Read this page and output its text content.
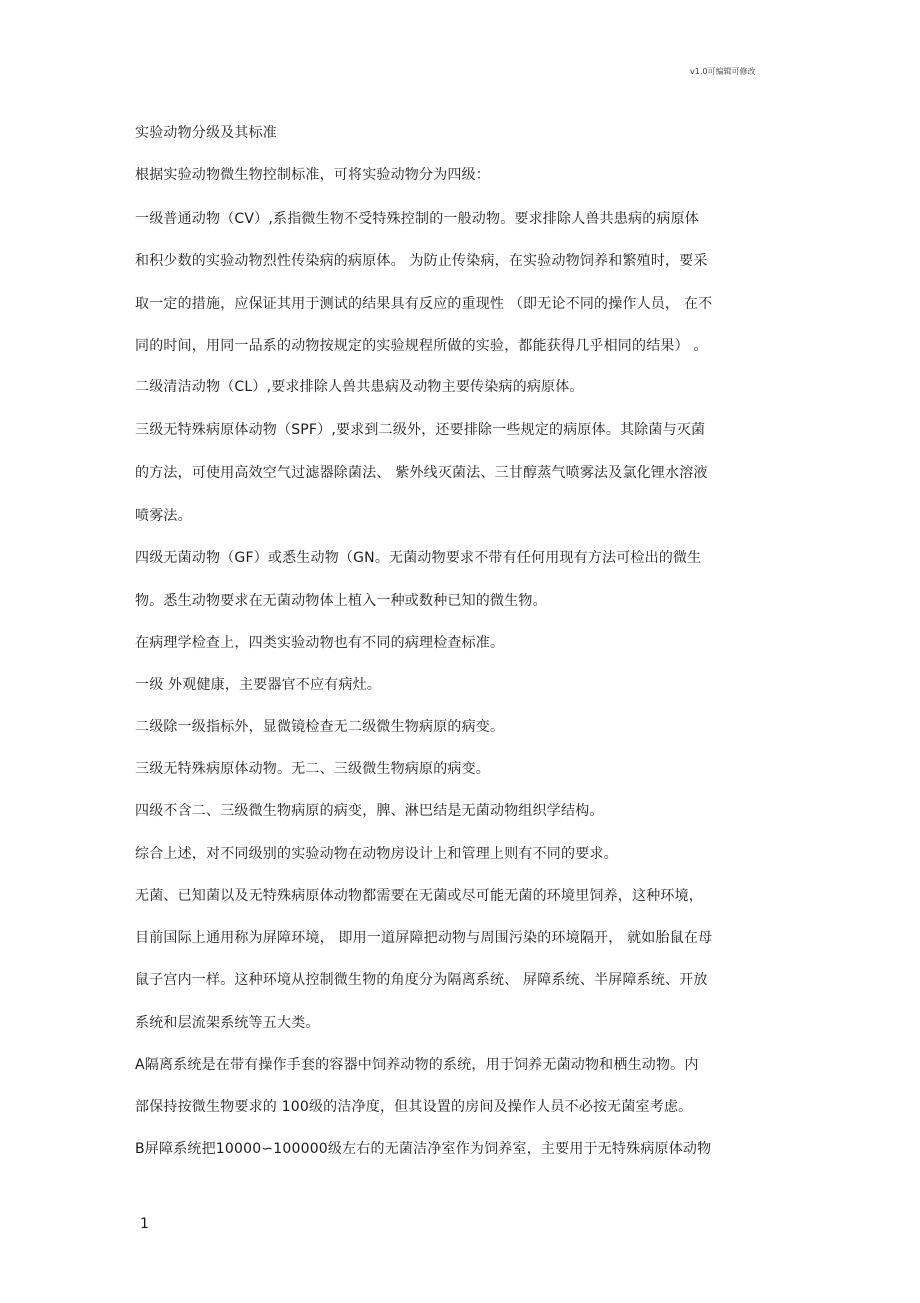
v1.0可编辑可修改
实验动物分级及其标准
根据实验动物微生物控制标准，可将实验动物分为四级：
一级普通动物（CV）,系指微生物不受特殊控制的一般动物。要求排除人兽共患病的病原体
和积少数的实验动物烈性传染病的病原体。 为防止传染病，在实验动物饲养和繁殖时，要采
取一定的措施，应保证其用于测试的结果具有反应的重现性 （即无论不同的操作人员， 在不
同的时间，用同一品系的动物按规定的实验规程所做的实验，都能获得几乎相同的结果） 。
二级清洁动物（CL）,要求排除人兽共患病及动物主要传染病的病原体。
三级无特殊病原体动物（SPF）,要求到二级外，还要排除一些规定的病原体。其除菌与灭菌
的方法，可使用高效空气过滤器除菌法、 紫外线灭菌法、三甘醇蒸气喷雾法及氯化锂水溶液
喷雾法。
四级无菌动物（GF）或悉生动物（GN。无菌动物要求不带有任何用现有方法可检出的微生
物。悉生动物要求在无菌动物体上植入一种或数种已知的微生物。
在病理学检查上，四类实验动物也有不同的病理检查标准。
一级 外观健康，主要器官不应有病灶。
二级除一级指标外，显微镜检查无二级微生物病原的病变。
三级无特殊病原体动物。无二、三级微生物病原的病变。
四级不含二、三级微生物病原的病变，脾、淋巴结是无菌动物组织学结构。
综合上述，对不同级别的实验动物在动物房设计上和管理上则有不同的要求。
无菌、已知菌以及无特殊病原体动物都需要在无菌或尽可能无菌的环境里饲养，这种环境，
目前国际上通用称为屏障环境， 即用一道屏障把动物与周围污染的环境隔开， 就如胎鼠在母
鼠子宫内一样。这种环境从控制微生物的角度分为隔离系统、 屏障系统、半屏障系统、开放
系统和层流架系统等五大类。
A隔离系统是在带有操作手套的容器中饲养动物的系统，用于饲养无菌动物和栖生动物。内
部保持按微生物要求的 100级的洁净度，但其设置的房间及操作人员不必按无菌室考虑。
B屏障系统把10000∽100000级左右的无菌洁净室作为饲养室，主要用于无特殊病原体动物
1
